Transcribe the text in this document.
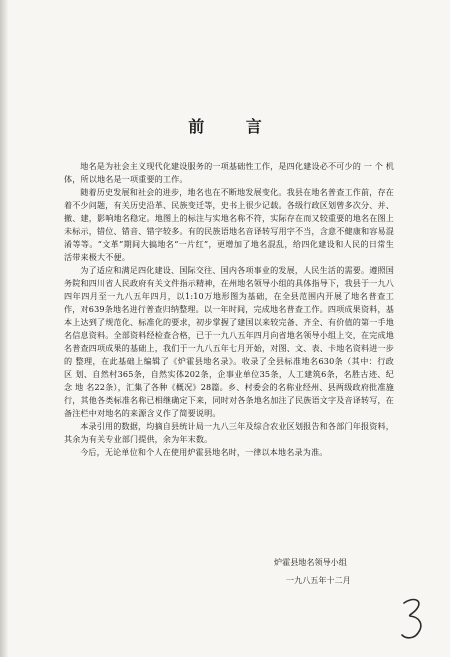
前 言

地名是为社会主义现代化建设服务的一项基础性工作，是四化建设必不可少的 一 个 机体，所以地名是一项重要的工作。

随着历史发展和社会的进步，地名也在不断地发展变化。我县在地名普查工作前，存在着不少问题，有关历史沿革、民族变迁等，史书上很少记载。各级行政区划曾多次分、并、撤、建，影响地名稳定。地图上的标注与实地名称不符，实际存在而又较重要的地名在图上未标示，错位、错音、错字较多。有的民族语地名音译转写用字不当，含意不健康和容易混淆等等。“文革”期间大搞地名“一片红”，更增加了地名混乱，给四化建设和人民的日常生活带来极大不便。

为了适应和满足四化建设、国际交往、国内各项事业的发展，人民生活的需要。遵照国务院和四川省人民政府有关文件指示精神，在州地名领导小组的具体指导下，我县于一九八四年四月至一九八五年四月，以1:10万地形图为基础，在全县范围内开展了地名普查工作，对639条地名进行普查归纳整理。以一年时间，完成地名普查工作。四项成果资料，基本上达到了规范化、标准化的要求，初步掌握了建国以来较完备、齐全、有价值的第一手地名信息资料。全部资料经检查合格，已于一九八五年四月向省地名领导小组上交，在完成地名普查四项成果的基础上，我们于一九八五年七月开始，对图、文、表、卡地名资料进一步的 整理，在此基础上编辑了《炉霍县地名录》。收录了全县标准地名630条（其中：行政 区 划、自然村365条，自然实体202条，企事业单位35条，人工建筑6条，名胜古迹、纪念 地 名22条），汇集了各种《概况》28篇。乡、村委会的名称业经州、县两级政府批准施行，其他各类标准名称已相继确定下来，同时对各条地名加注了民族语文字及音译转写，在备注栏中对地名的来源含义作了简要说明。

本录引用的数据，均摘自县统计局一九八三年及综合农业区划报告和各部门年报资料，其余为有关专业部门提供，余为年末数。

今后，无论单位和个人在使用炉霍县地名时，一律以本地名录为准。

炉霍县地名领导小组
一九八五年十二月
